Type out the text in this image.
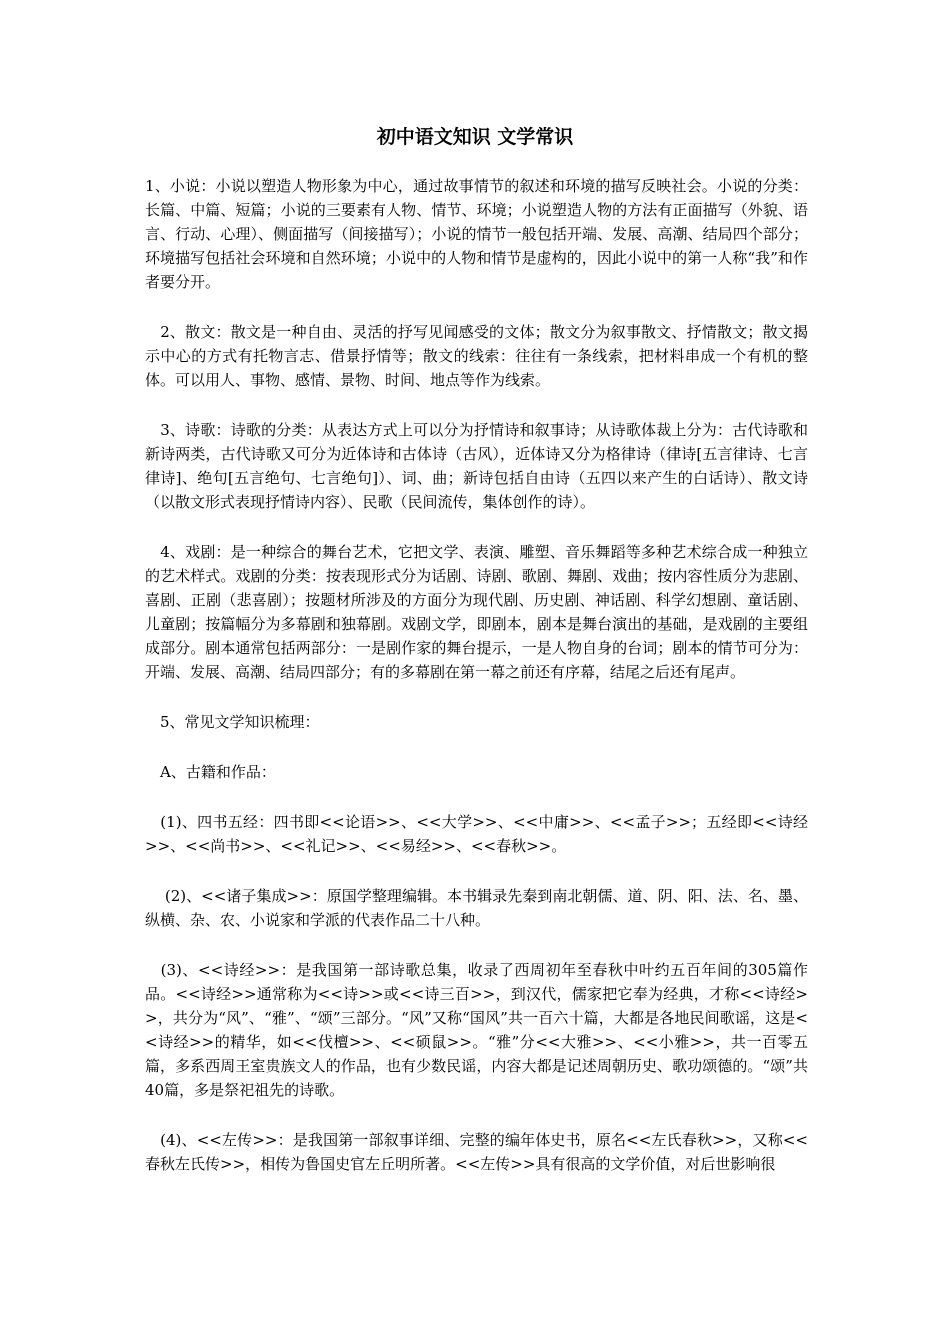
初中语文知识 文学常识

1、小说：小说以塑造人物形象为中心，通过故事情节的叙述和环境的描写反映社会。小说的分类：长篇、中篇、短篇；小说的三要素有人物、情节、环境；小说塑造人物的方法有正面描写（外貌、语言、行动、心理）、侧面描写（间接描写）；小说的情节一般包括开端、发展、高潮、结局四个部分；环境描写包括社会环境和自然环境；小说中的人物和情节是虚构的，因此小说中的第一人称“我”和作者要分开。

　2、散文：散文是一种自由、灵活的抒写见闻感受的文体；散文分为叙事散文、抒情散文；散文揭示中心的方式有托物言志、借景抒情等；散文的线索：往往有一条线索，把材料串成一个有机的整体。可以用人、事物、感情、景物、时间、地点等作为线索。

　3、诗歌：诗歌的分类：从表达方式上可以分为抒情诗和叙事诗；从诗歌体裁上分为：古代诗歌和新诗两类，古代诗歌又可分为近体诗和古体诗（古风），近体诗又分为格律诗（律诗[五言律诗、七言律诗]、绝句[五言绝句、七言绝句]）、词、曲；新诗包括自由诗（五四以来产生的白话诗）、散文诗（以散文形式表现抒情诗内容）、民歌（民间流传，集体创作的诗）。

　4、戏剧：是一种综合的舞台艺术，它把文学、表演、雕塑、音乐舞蹈等多种艺术综合成一种独立的艺术样式。戏剧的分类：按表现形式分为话剧、诗剧、歌剧、舞剧、戏曲；按内容性质分为悲剧、喜剧、正剧（悲喜剧）；按题材所涉及的方面分为现代剧、历史剧、神话剧、科学幻想剧、童话剧、儿童剧；按篇幅分为多幕剧和独幕剧。戏剧文学，即剧本，剧本是舞台演出的基础，是戏剧的主要组成部分。剧本通常包括两部分：一是剧作家的舞台提示，一是人物自身的台词；剧本的情节可分为：开端、发展、高潮、结局四部分；有的多幕剧在第一幕之前还有序幕，结尾之后还有尾声。

　5、常见文学知识梳理：

　A、古籍和作品：

　(1)、四书五经：四书即<<论语>>、<<大学>>、<<中庸>>、<<孟子>>；五经即<<诗经>>、<<尚书>>、<<礼记>>、<<易经>>、<<春秋>>。

　 (2)、<<诸子集成>>：原国学整理编辑。本书辑录先秦到南北朝儒、道、阴、阳、法、名、墨、纵横、杂、农、小说家和学派的代表作品二十八种。

　(3)、<<诗经>>：是我国第一部诗歌总集，收录了西周初年至春秋中叶约五百年间的305篇作品。<<诗经>>通常称为<<诗>>或<<诗三百>>，到汉代，儒家把它奉为经典，才称<<诗经>>，共分为“风”、“雅”、“颂”三部分。“风”又称“国风”共一百六十篇，大都是各地民间歌谣，这是<<诗经>>的精华，如<<伐檀>>、<<硕鼠>>。“雅”分<<大雅>>、<<小雅>>，共一百零五篇，多系西周王室贵族文人的作品，也有少数民谣，内容大都是记述周朝历史、歌功颂德的。“颂”共40篇，多是祭祀祖先的诗歌。

　(4)、<<左传>>：是我国第一部叙事详细、完整的编年体史书，原名<<左氏春秋>>，又称<<春秋左氏传>>，相传为鲁国史官左丘明所著。<<左传>>具有很高的文学价值，对后世影响很
